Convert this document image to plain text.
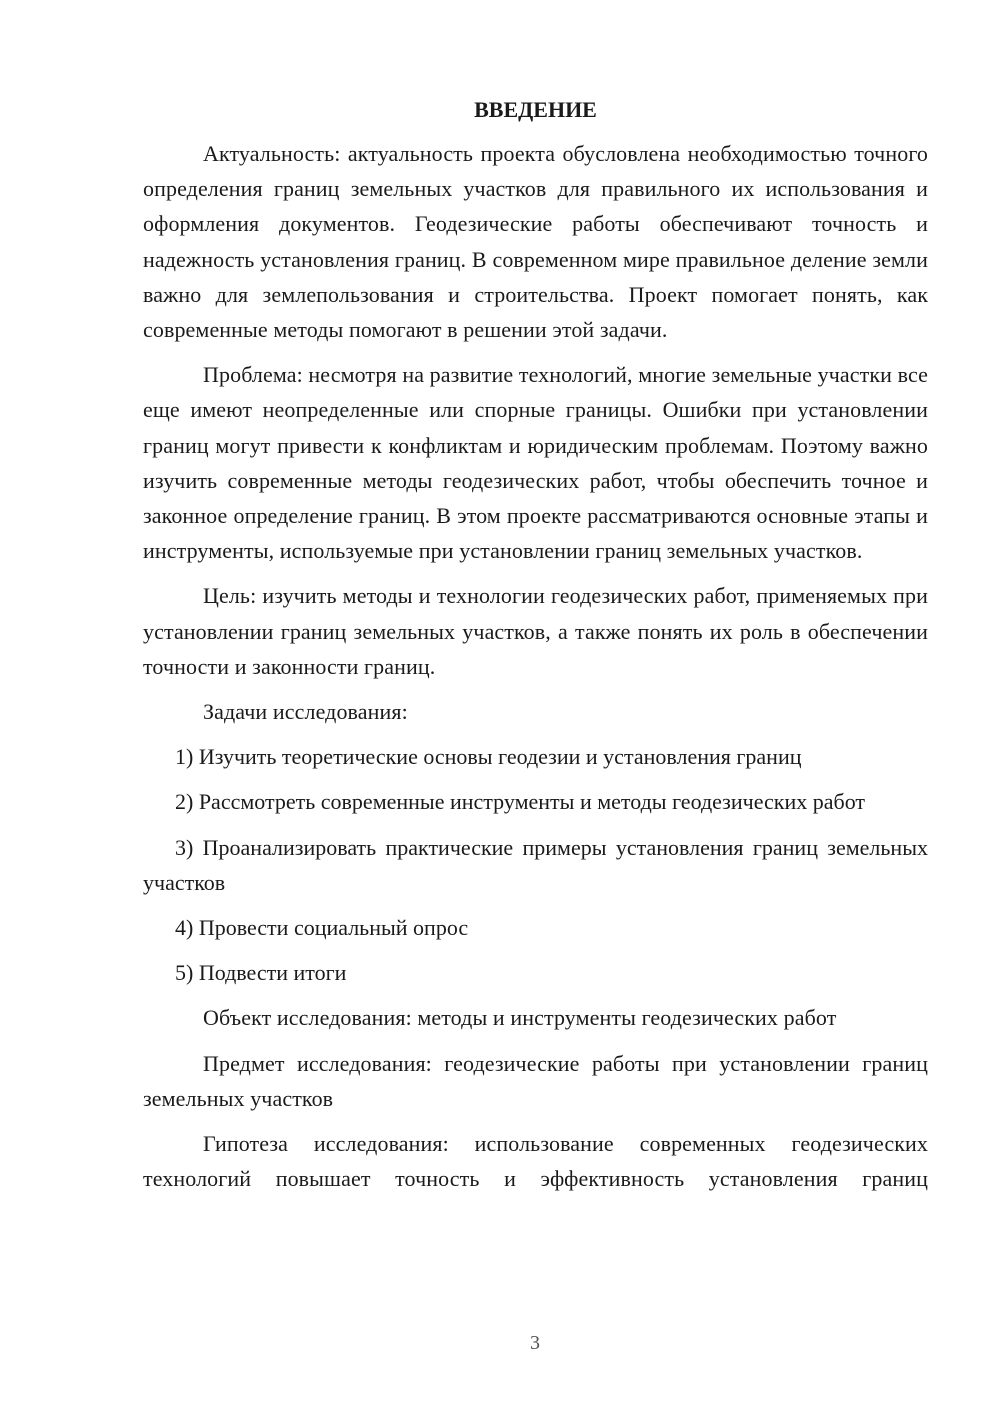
ВВЕДЕНИЕ

Актуальность: актуальность проекта обусловлена необходимостью точного определения границ земельных участков для правильного их использования и оформления документов. Геодезические работы обеспечивают точность и надежность установления границ. В современном мире правильное деление земли важно для землепользования и строительства. Проект помогает понять, как современные методы помогают в решении этой задачи.

Проблема: несмотря на развитие технологий, многие земельные участки все еще имеют неопределенные или спорные границы. Ошибки при установлении границ могут привести к конфликтам и юридическим проблемам. Поэтому важно изучить современные методы геодезических работ, чтобы обеспечить точное и законное определение границ. В этом проекте рассматриваются основные этапы и инструменты, используемые при установлении границ земельных участков.

Цель: изучить методы и технологии геодезических работ, применяемых при установлении границ земельных участков, а также понять их роль в обеспечении точности и законности границ.

Задачи исследования:

1) Изучить теоретические основы геодезии и установления границ

2) Рассмотреть современные инструменты и методы геодезических работ

3) Проанализировать практические примеры установления границ земельных участков

4) Провести социальный опрос

5) Подвести итоги

Объект исследования: методы и инструменты геодезических работ

Предмет исследования: геодезические работы при установлении границ земельных участков

Гипотеза исследования: использование современных геодезических технологий повышает точность и эффективность установления границ

3
